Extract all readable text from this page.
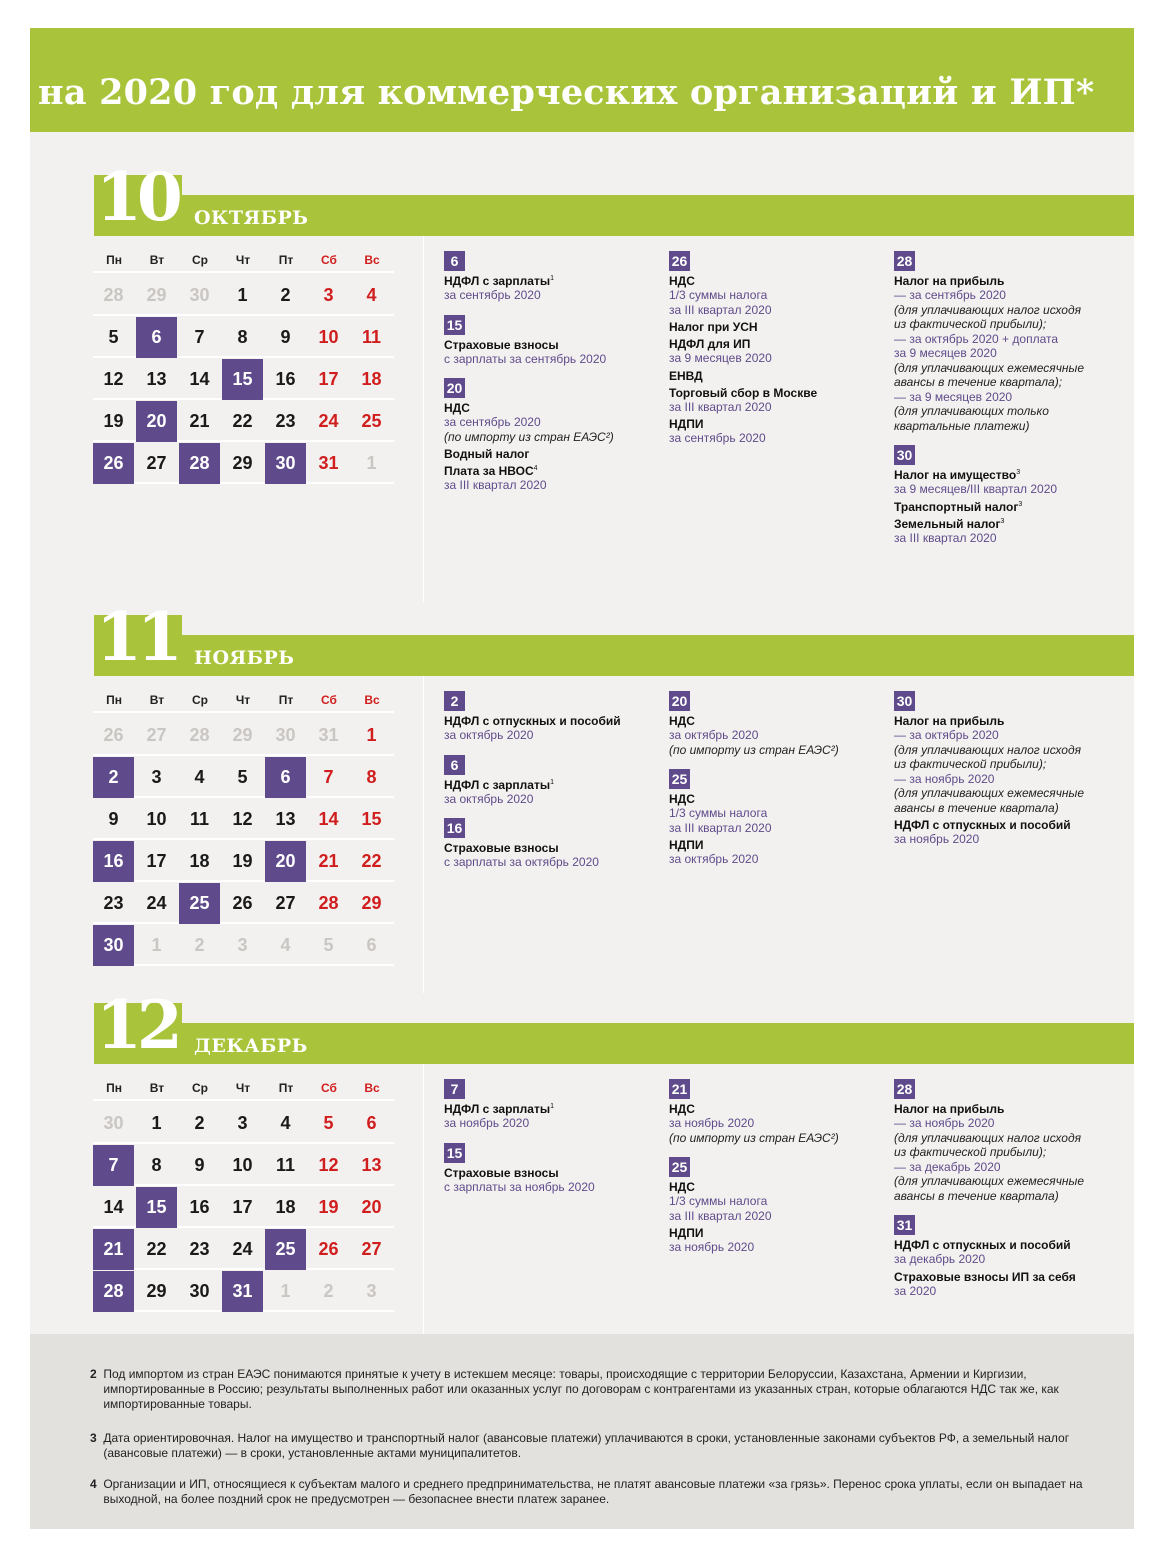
на 2020 год для коммерческих организаций и ИП*
10 ОКТЯБРЬ
Пн	Вт	Ср	Чт	Пт	Сб	Вс
28	29	30	1	2	3	4
5	6	7	8	9	10	11
12	13	14	15	16	17	18
19	20	21	22	23	24	25
26	27	28	29	30	31	1
6
НДФЛ с зарплаты$^1$
за сентябрь 2020
15
Страховые взносы
с зарплаты за сентябрь 2020
20
НДС
за сентябрь 2020
(по импорту из стран ЕАЭС²)
Водный налог
Плата за НВОС$^4$
за III квартал 2020
26
НДС
1/3 суммы налога
за III квартал 2020
Налог при УСН
НДФЛ для ИП
за 9 месяцев 2020
ЕНВД
Торговый сбор в Москве
за III квартал 2020
НДПИ
за сентябрь 2020
28
Налог на прибыль
— за сентябрь 2020
(для уплачивающих налог исходя
из фактической прибыли);
— за октябрь 2020 + доплата
за 9 месяцев 2020
(для уплачивающих ежемесячные
авансы в течение квартала);
— за 9 месяцев 2020
(для уплачивающих только
квартальные платежи)
30
Налог на имущество$^3$
за 9 месяцев/III квартал 2020
Транспортный налог$^3$
Земельный налог$^3$
за III квартал 2020
11 НОЯБРЬ
Пн	Вт	Ср	Чт	Пт	Сб	Вс
26	27	28	29	30	31	1
2	3	4	5	6	7	8
9	10	11	12	13	14	15
16	17	18	19	20	21	22
23	24	25	26	27	28	29
30	1	2	3	4	5	6
2
НДФЛ с отпускных и пособий
за октябрь 2020
6
НДФЛ с зарплаты$^1$
за октябрь 2020
16
Страховые взносы
с зарплаты за октябрь 2020
20
НДС
за октябрь 2020
(по импорту из стран ЕАЭС²)
25
НДС
1/3 суммы налога
за III квартал 2020
НДПИ
за октябрь 2020
30
Налог на прибыль
— за октябрь 2020
(для уплачивающих налог исходя
из фактической прибыли);
— за ноябрь 2020
(для уплачивающих ежемесячные
авансы в течение квартала)
НДФЛ с отпускных и пособий
за ноябрь 2020
12 ДЕКАБРЬ
Пн	Вт	Ср	Чт	Пт	Сб	Вс
30	1	2	3	4	5	6
7	8	9	10	11	12	13
14	15	16	17	18	19	20
21	22	23	24	25	26	27
28	29	30	31	1	2	3
7
НДФЛ с зарплаты$^1$
за ноябрь 2020
15
Страховые взносы
с зарплаты за ноябрь 2020
21
НДС
за ноябрь 2020
(по импорту из стран ЕАЭС²)
25
НДС
1/3 суммы налога
за III квартал 2020
НДПИ
за ноябрь 2020
28
Налог на прибыль
— за ноябрь 2020
(для уплачивающих налог исходя
из фактической прибыли);
— за декабрь 2020
(для уплачивающих ежемесячные
авансы в течение квартала)
31
НДФЛ с отпускных и пособий
за декабрь 2020
Страховые взносы ИП за себя
за 2020
2 Под импортом из стран ЕАЭС понимаются принятые к учету в истекшем месяце: товары, происходящие с территории Белоруссии, Казахстана, Армении и Киргизии, импортированные в Россию; результаты выполненных работ или оказанных услуг по договорам с контрагентами из указанных стран, которые облагаются НДС так же, как импортированные товары.
3 Дата ориентировочная. Налог на имущество и транспортный налог (авансовые платежи) уплачиваются в сроки, установленные законами субъектов РФ, а земельный налог (авансовые платежи) — в сроки, установленные актами муниципалитетов.
4 Организации и ИП, относящиеся к субъектам малого и среднего предпринимательства, не платят авансовые платежи «за грязь». Перенос срока уплаты, если он выпадает на выходной, на более поздний срок не предусмотрен — безопаснее внести платеж заранее.
